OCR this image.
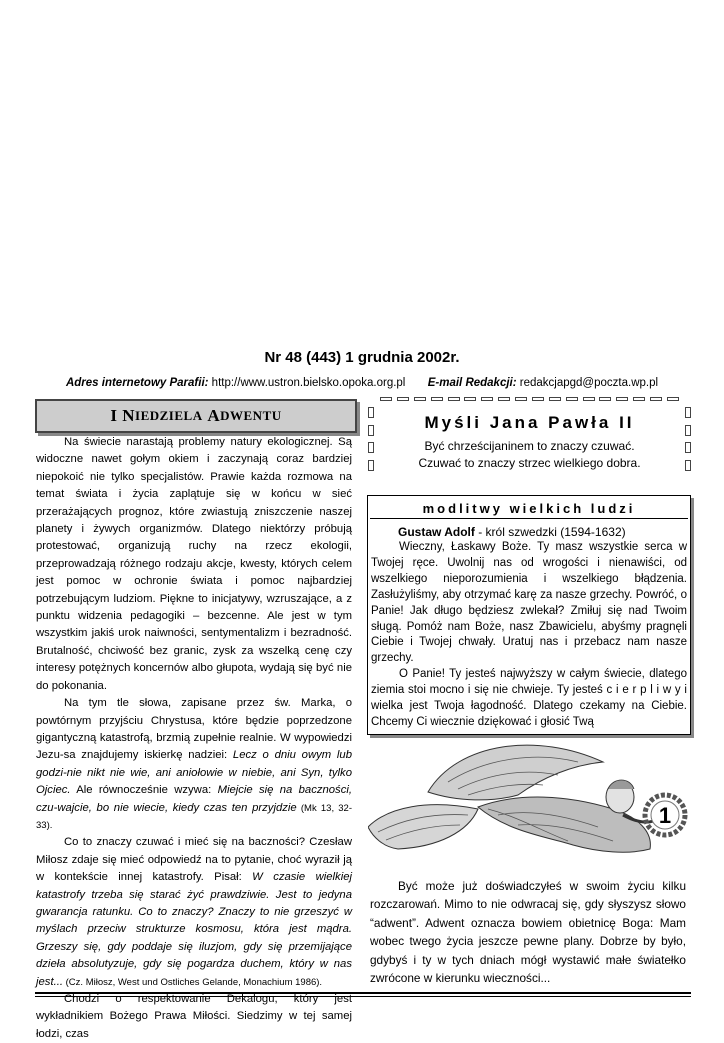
Nr 48 (443) 1 grudnia 2002r.
Adres internetowy Parafii: http://www.ustron.bielsko.opoka.org.pl E-mail Redakcji: redakcjapgd@poczta.wp.pl
I N IEDZIELA
A DWENTU

Na świecie narastają problemy natury ekologicznej. Są widoczne nawet gołym okiem i zaczynają coraz bardziej niepokoić nie tylko specjalistów. Prawie każda rozmowa na temat świata i życia zaplątuje się w końcu w sieć przerażających prognoz, które zwiastują zniszczenie naszej planety i żywych organizmów. Dlatego niektórzy próbują protestować, organizują ruchy na rzecz ekologii, przeprowadzają różnego rodzaju akcje, kwesty, których celem jest pomoc w ochronie świata i pomoc najbardziej potrzebującym ludziom. Piękne to inicjatywy, wzruszające, a z punktu widzenia pedagogiki – bezcenne. Ale jest w tym wszystkim jakiś urok naiwności, sentymentalizm i bezradność. Brutalność, chciwość bez granic, zysk za wszelką cenę czy interesy potężnych koncernów albo głupota, wydają się być nie do pokonania.

Na tym tle słowa, zapisane przez św. Marka, o powtórnym przyjściu Chrystusa, które będzie poprzedzone gigantyczną katastrofą, brzmią zupełnie realnie. W wypowiedzi Jezu-sa znajdujemy iskierkę nadziei: Lecz o dniu owym lub godzi-nie nikt nie wie, ani aniołowie w niebie, ani Syn, tylko Ojciec. Ale równocześnie wzywa: Miejcie się na baczności, czu-wajcie, bo nie wiecie, kiedy czas ten przyjdzie (Mk 13, 32-33).

Co to znaczy czuwać i mieć się na baczności? Czesław Miłosz zdaje się mieć odpowiedź na to pytanie, choć wyraził ją w kontekście innej katastrofy. Pisał: W czasie wielkiej katastrofy trzeba się starać żyć prawdziwie. Jest to jedyna gwarancja ratunku. Co to znaczy? Znaczy to nie grzeszyć w myślach przeciw strukturze kosmosu, która jest mądra. Grzeszy się, gdy poddaje się iluzjom, gdy się przemijające dzieła absolutyzuje, gdy się pogardza duchem, który w nas jest... (Cz. Miłosz, West und Ostliches Gelande, Monachium 1986).

Chodzi o respektowanie Dekalogu, który jest wykładnikiem Bożego Prawa Miłości. Siedzimy w tej samej łodzi, czas

Myśli Jana Pawła II
Być chrześcijaninem to znaczy czuwać.
Czuwać to znaczy strzec wielkiego dobra.
modlitwy wielkich ludzi
Gustaw Adolf - król szwedzki (1594-1632)

Wieczny, Łaskawy Boże. Ty masz wszystkie serca w Twojej ręce. Uwolnij nas od wrogości i nienawiści, od wszelkiego nieporozumienia i wszelkiego błądzenia. Zasłużyliśmy, aby otrzymać karę za nasze grzechy. Powróć, o Panie! Jak długo będziesz zwlekał? Zmiłuj się nad Twoim sługą. Pomóż nam Boże, nasz Zbawicielu, abyśmy pragnęli Ciebie i Twojej chwały. Uratuj nas i przebacz nam nasze grzechy.

O Panie! Ty jesteś najwyższy w całym świecie, dlatego ziemia stoi mocno i się nie chwieje. Ty jesteś c i e r p l i w y i wielka jest Twoja łagodność. Dlatego czekamy na Ciebie. Chcemy Ci wiecznie dziękować i głosić Twą

1

Być może już doświadczyłeś w swoim życiu kilku rozczarowań. Mimo to nie odwracaj się, gdy słyszysz słowo “adwent”. Adwent oznacza bowiem obietnicę Boga: Mam wobec twego życia jeszcze pewne plany. Dobrze by było, gdybyś i ty w tych dniach mógł wystawić małe światełko zwrócone w kierunku wieczności...
